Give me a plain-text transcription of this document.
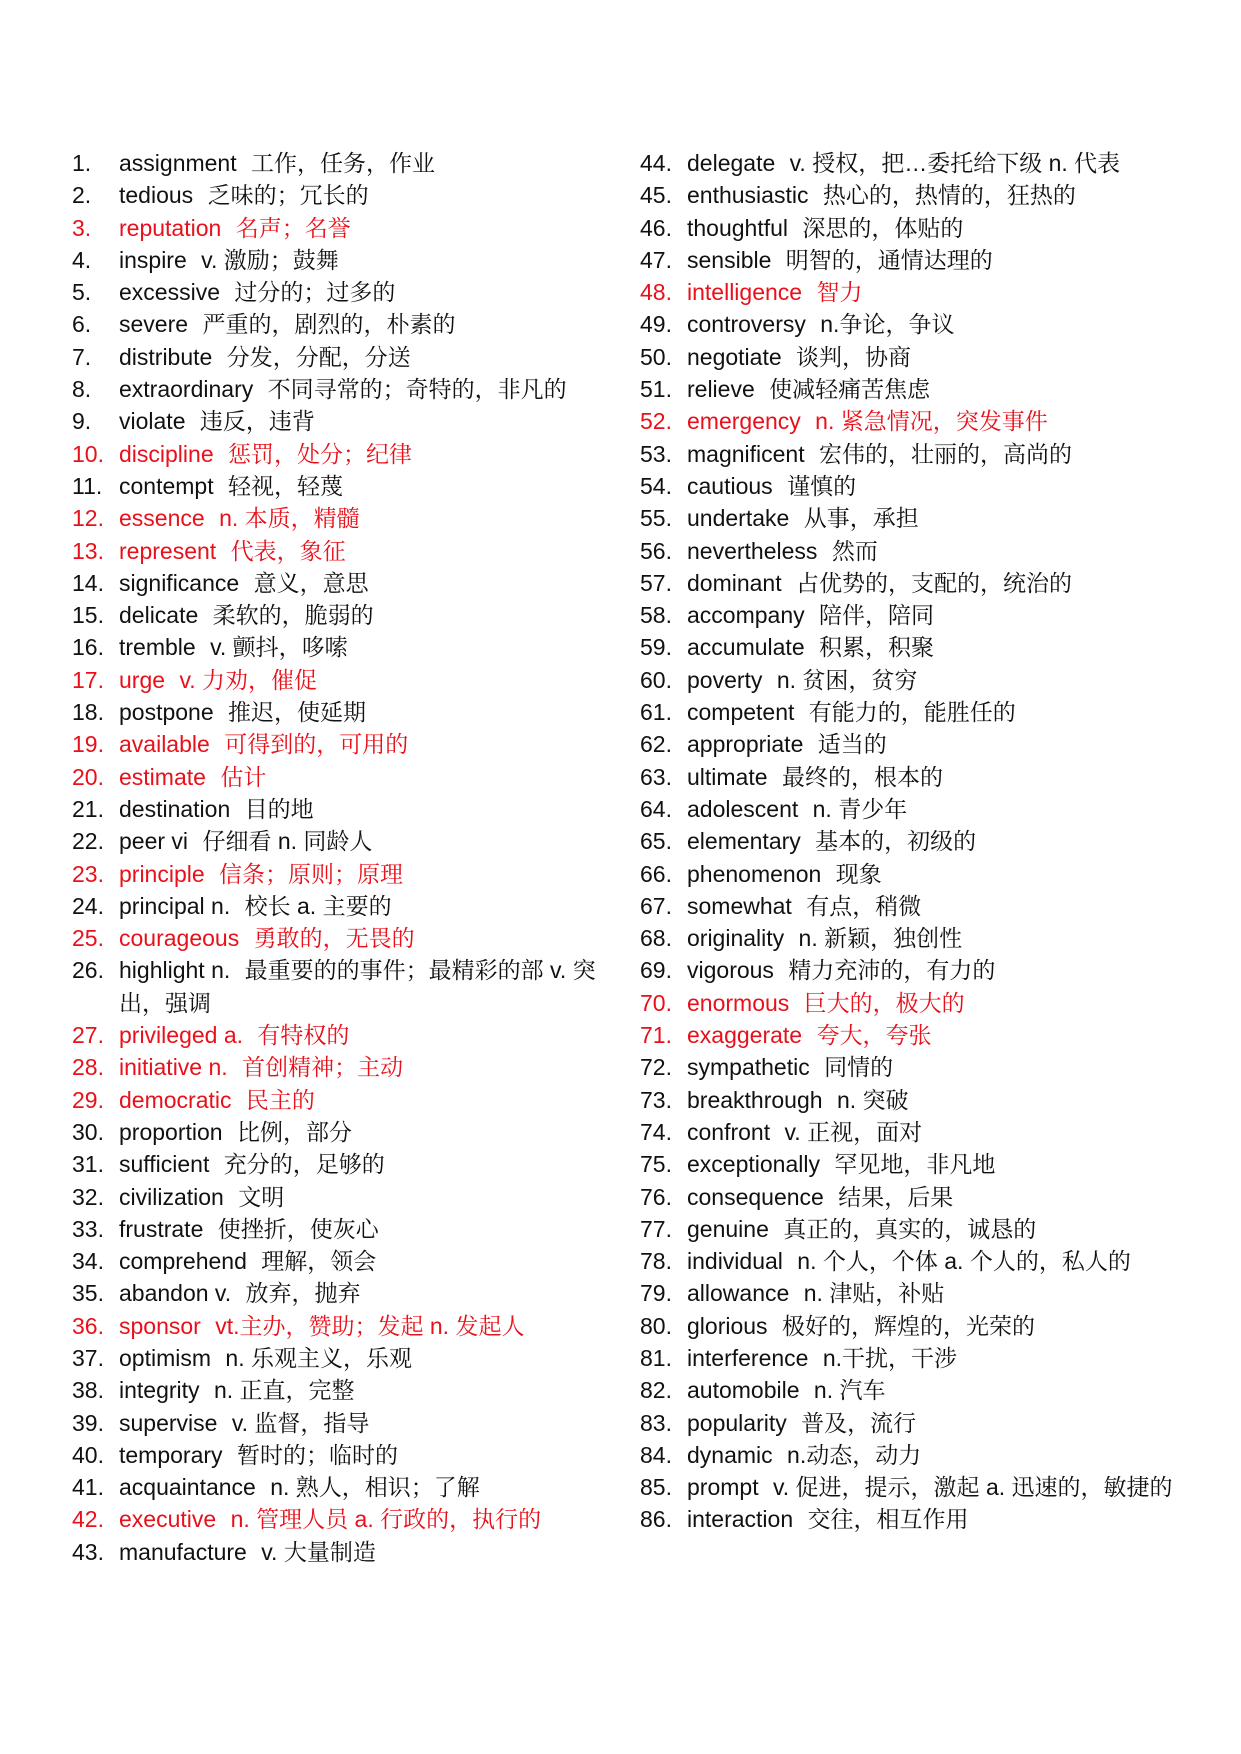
1.	assignment 工作，任务，作业
2.	tedious 乏味的；冗长的
3.	reputation 名声；名誉
4.	inspire v. 激励；鼓舞
5.	excessive 过分的；过多的
6.	severe 严重的，剧烈的，朴素的
7.	distribute 分发，分配，分送
8.	extraordinary 不同寻常的；奇特的，非凡的
9.	violate 违反，违背
10. discipline 惩罚，处分；纪律
11. contempt 轻视，轻蔑
12. essence n. 本质，精髓
13. represent 代表，象征
14. significance 意义，意思
15. delicate 柔软的，脆弱的
16. tremble v. 颤抖，哆嗦
17. urge v. 力劝，催促
18. postpone 推迟，使延期
19. available 可得到的，可用的
20. estimate 估计
21. destination 目的地
22. peer vi 仔细看 n. 同龄人
23. principle 信条；原则；原理
24. principal n. 校长 a. 主要的
25. courageous 勇敢的，无畏的
26. highlight n. 最重要的的事件；最精彩的部 v. 突出，强调
27. privileged a. 有特权的
28. initiative n. 首创精神；主动
29. democratic 民主的
30. proportion 比例，部分
31. sufficient 充分的，足够的
32. civilization 文明
33. frustrate 使挫折，使灰心
34. comprehend 理解，领会
35. abandon v. 放弃，抛弃
36. sponsor vt.主办，赞助；发起 n. 发起人
37. optimism n. 乐观主义，乐观
38. integrity n. 正直，完整
39. supervise v. 监督，指导
40. temporary 暂时的；临时的
41. acquaintance n. 熟人，相识；了解
42. executive n. 管理人员 a. 行政的，执行的
43. manufacture v. 大量制造
44. delegate v. 授权，把…委托给下级 n. 代表
45. enthusiastic 热心的，热情的，狂热的
46. thoughtful 深思的，体贴的
47. sensible 明智的，通情达理的
48. intelligence 智力
49. controversy n.争论，争议
50. negotiate 谈判，协商
51. relieve 使减轻痛苦焦虑
52. emergency n. 紧急情况，突发事件
53. magnificent 宏伟的，壮丽的，高尚的
54. cautious 谨慎的
55. undertake 从事，承担
56. nevertheless 然而
57. dominant 占优势的，支配的，统治的
58. accompany 陪伴，陪同
59. accumulate 积累，积聚
60. poverty n. 贫困，贫穷
61. competent 有能力的，能胜任的
62. appropriate 适当的
63. ultimate 最终的，根本的
64. adolescent n. 青少年
65. elementary 基本的，初级的
66. phenomenon 现象
67. somewhat 有点，稍微
68. originality n. 新颖，独创性
69. vigorous 精力充沛的，有力的
70. enormous 巨大的，极大的
71. exaggerate 夸大，夸张
72. sympathetic 同情的
73. breakthrough n. 突破
74. confront v. 正视，面对
75. exceptionally 罕见地，非凡地
76. consequence 结果，后果
77. genuine 真正的，真实的，诚恳的
78. individual n. 个人，个体 a. 个人的，私人的
79. allowance n. 津贴，补贴
80. glorious 极好的，辉煌的，光荣的
81. interference n.干扰，干涉
82. automobile n. 汽车
83. popularity 普及，流行
84. dynamic n.动态，动力
85. prompt v. 促进，提示，激起 a. 迅速的，敏捷的
86. interaction 交往，相互作用
